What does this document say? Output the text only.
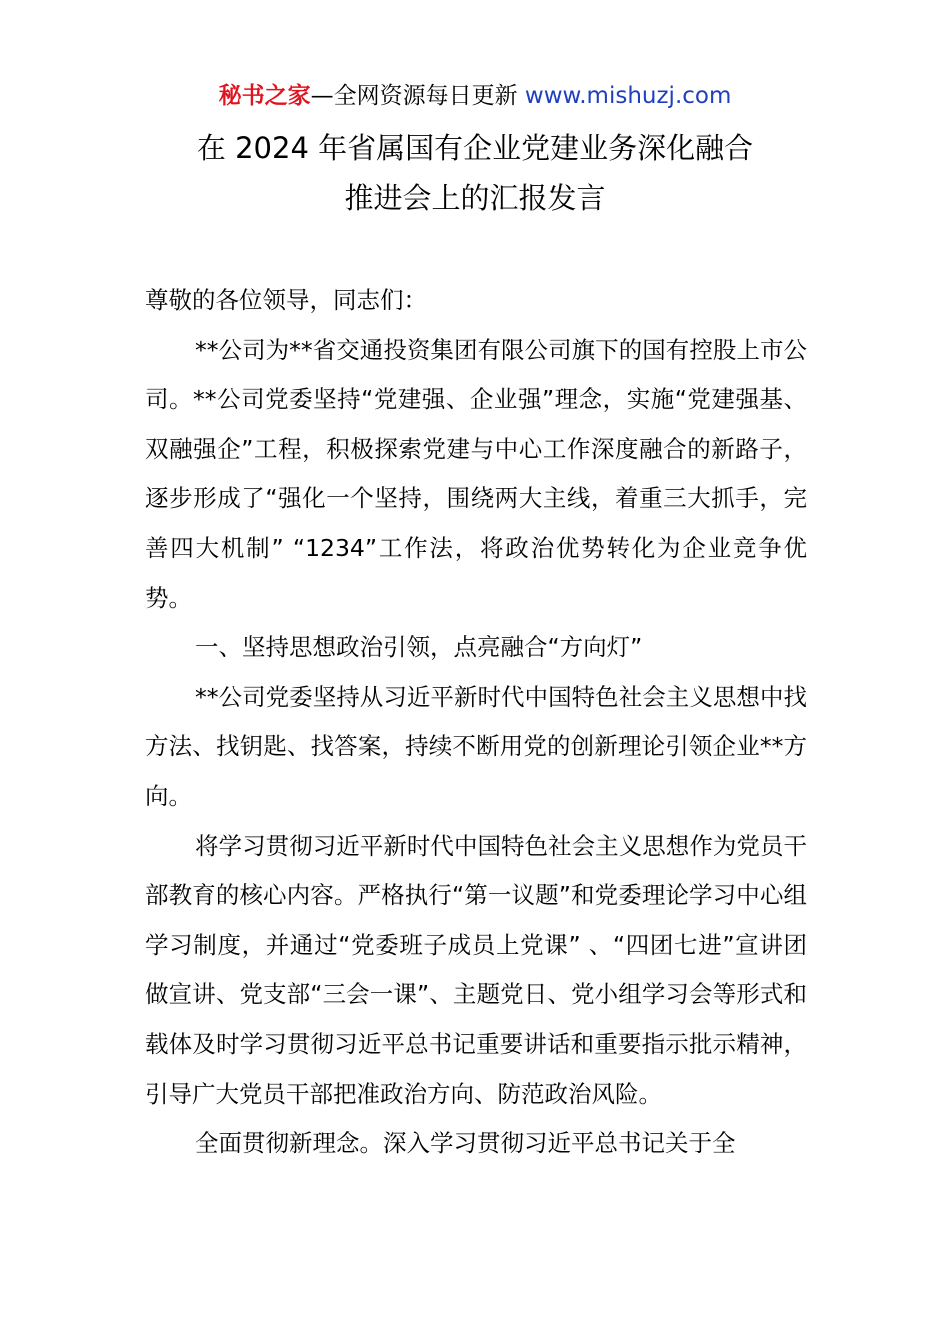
秘书之家—全网资源每日更新 www.mishuzj.com
在 2024 年省属国有企业党建业务深化融合
推进会上的汇报发言

尊敬的各位领导，同志们：

**公司为**省交通投资集团有限公司旗下的国有控股上市公司。**公司党委坚持“党建强、企业强”理念，实施“党建强基、双融强企”工程，积极探索党建与中心工作深度融合的新路子，逐步形成了“强化一个坚持，围绕两大主线，着重三大抓手，完善四大机制” “1234”工作法，将政治优势转化为企业竞争优势。

一、坚持思想政治引领，点亮融合“方向灯”

**公司党委坚持从习近平新时代中国特色社会主义思想中找方法、找钥匙、找答案，持续不断用党的创新理论引领企业**方向。

将学习贯彻习近平新时代中国特色社会主义思想作为党员干部教育的核心内容。严格执行“第一议题”和党委理论学习中心组学习制度，并通过“党委班子成员上党课” 、“四团七进”宣讲团做宣讲、党支部“三会一课”、主题党日、党小组学习会等形式和载体及时学习贯彻习近平总书记重要讲话和重要指示批示精神，引导广大党员干部把准政治方向、防范政治风险。

全面贯彻新理念。深入学习贯彻习近平总书记关于全
